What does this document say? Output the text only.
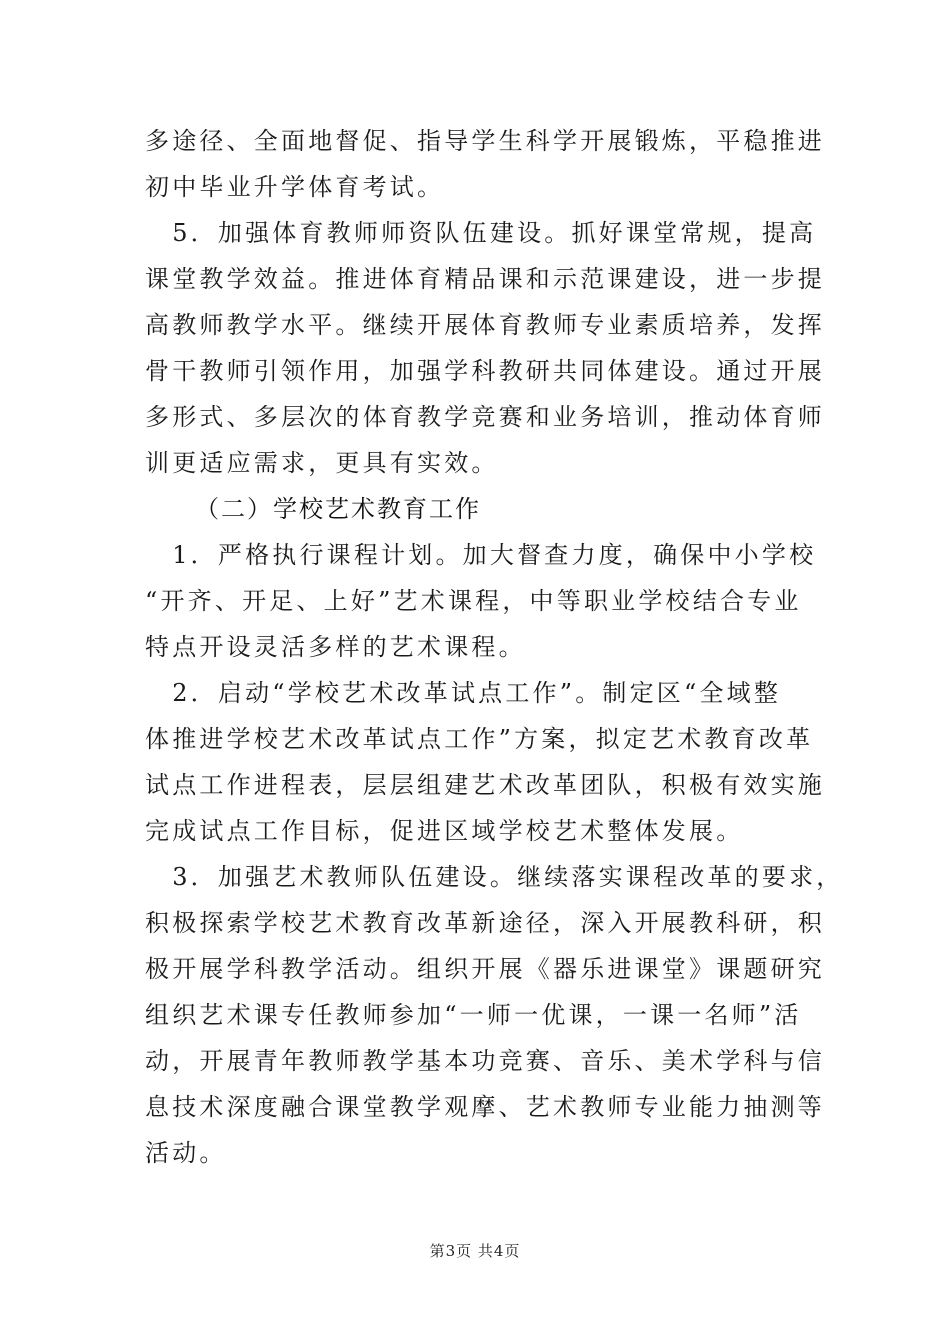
多途径、全面地督促、指导学生科学开展锻炼，平稳推进
初中毕业升学体育考试。
　5．加强体育教师师资队伍建设。抓好课堂常规，提高
课堂教学效益。推进体育精品课和示范课建设，进一步提
高教师教学水平。继续开展体育教师专业素质培养，发挥
骨干教师引领作用，加强学科教研共同体建设。通过开展
多形式、多层次的体育教学竞赛和业务培训，推动体育师
训更适应需求，更具有实效。
（二）学校艺术教育工作
　1．严格执行课程计划。加大督查力度，确保中小学校
“开齐、开足、上好”艺术课程，中等职业学校结合专业
特点开设灵活多样的艺术课程。
　2．启动“学校艺术改革试点工作”。制定区“全域整
体推进学校艺术改革试点工作”方案，拟定艺术教育改革
试点工作进程表，层层组建艺术改革团队，积极有效实施
完成试点工作目标，促进区域学校艺术整体发展。
　3．加强艺术教师队伍建设。继续落实课程改革的要求，
积极探索学校艺术教育改革新途径，深入开展教科研，积
极开展学科教学活动。组织开展《器乐进课堂》课题研究
组织艺术课专任教师参加“一师一优课，一课一名师”活
动，开展青年教师教学基本功竞赛、音乐、美术学科与信
息技术深度融合课堂教学观摩、艺术教师专业能力抽测等
活动。
第3页 共4页
